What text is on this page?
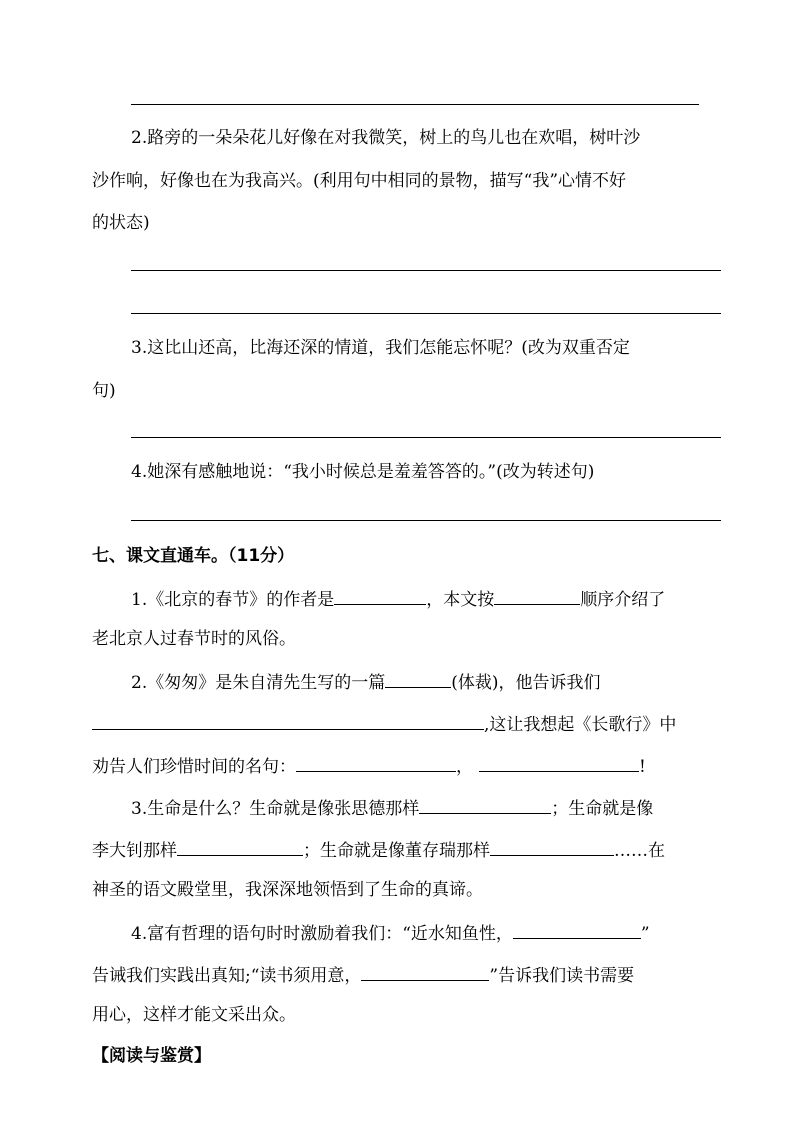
2.路旁的一朵朵花儿好像在对我微笑，树上的鸟儿也在欢唱，树叶沙
沙作响，好像也在为我高兴。(利用句中相同的景物，描写“我”心情不好
的状态)
3.这比山还高，比海还深的情道，我们怎能忘怀呢？(改为双重否定
句)
4.她深有感触地说：“我小时候总是羞羞答答的。”(改为转述句)
七、课文直通车。（11分）
1.《北京的春节》的作者是	，本文按	顺序介绍了
老北京人过春节时的风俗。
2.《匆匆》是朱自清先生写的一篇	(体裁)，他告诉我们
,这让我想起《长歌行》中
劝告人们珍惜时间的名句：	，	!
3.生命是什么？生命就是像张思德那样	；生命就是像
李大钊那样	；生命就是像董存瑞那样	……在
神圣的语文殿堂里，我深深地领悟到了生命的真谛。
4.富有哲理的语句时时激励着我们：“近水知鱼性，	”
告诫我们实践出真知;“读书须用意，	”告诉我们读书需要
用心，这样才能文采出众。
【阅读与鉴赏】
